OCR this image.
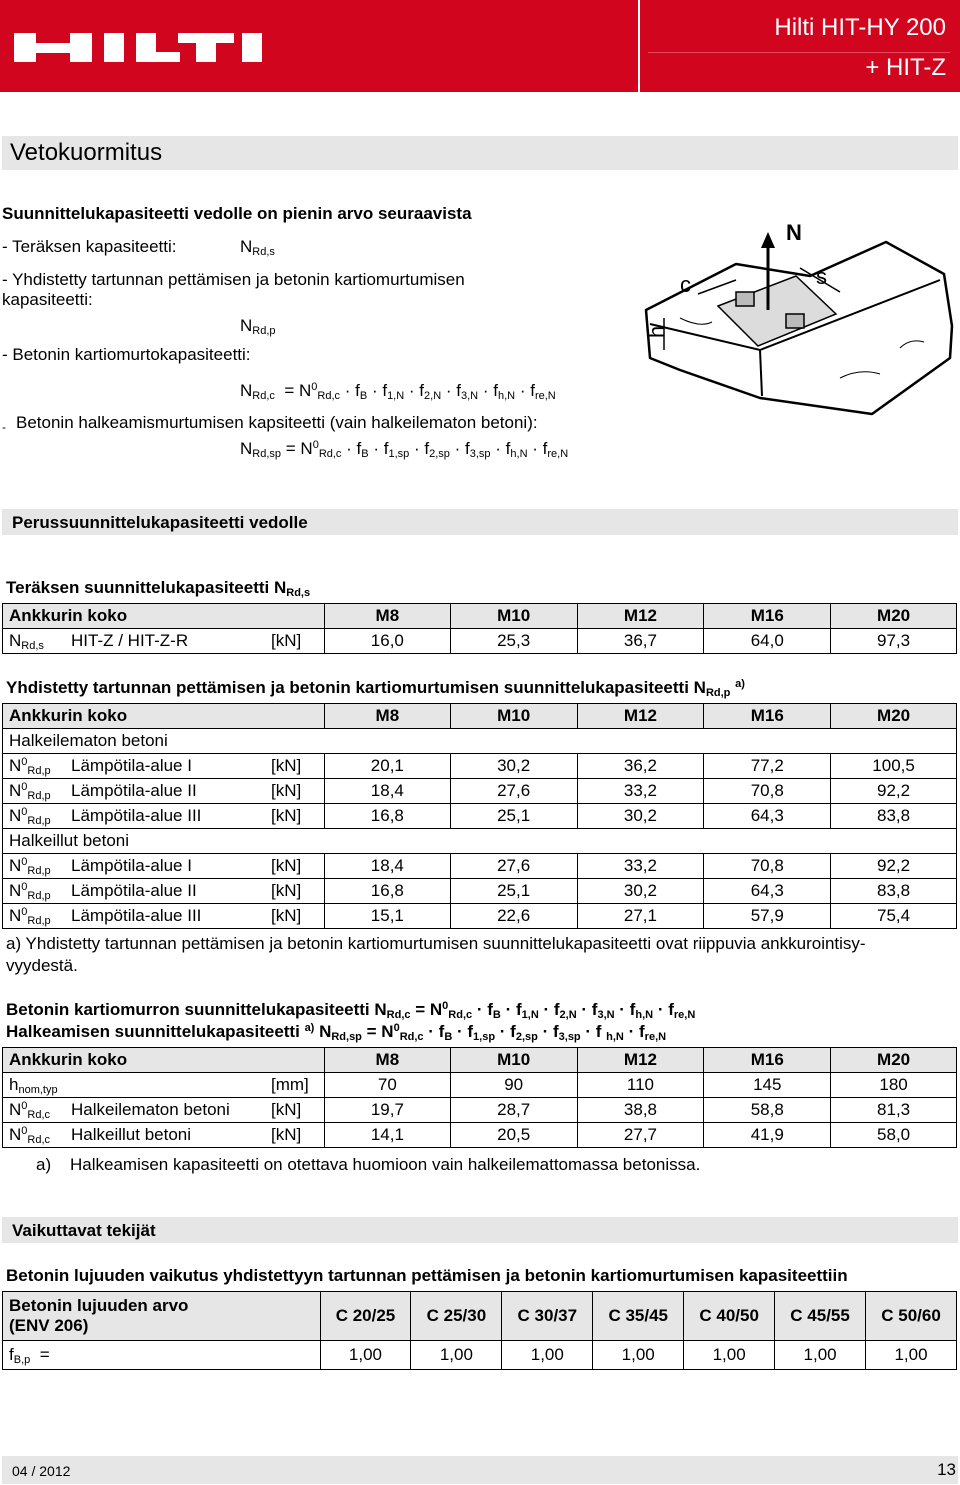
Hilti HIT-HY 200
+ HIT-Z
Vetokuormitus
Suunnittelukapasiteetti vedolle on pienin arvo seuraavista
- Teräksen kapasiteetti:	$N_{Rd,s}$
- Yhdistetty tartunnan pettämisen ja betonin kartiomurtumisen
kapasiteetti:
$N_{Rd,p}$
- Betonin kartiomurtokapasiteetti:
$N_{Rd,c} = N^0_{Rd,c} \cdot f_B \cdot f_{1,N} \cdot f_{2,N} \cdot f_{3,N} \cdot f_{h,N} \cdot f_{re,N}$
- Betonin halkeamismurtumisen kapsiteetti (vain halkeilematon betoni):
$N_{Rd,sp} = N^0_{Rd,c} \cdot f_B \cdot f_{1,sp} \cdot f_{2,sp} \cdot f_{3,sp} \cdot f_{h,N} \cdot f_{re,N}$
N
s
c
h
Perussuunnittelukapasiteetti vedolle
Teräksen suunnittelukapasiteetti $N_{Rd,s}$
Ankkurin koko	M8	M10	M12	M16	M20
$N_{Rd,s}$ HIT-Z / HIT-Z-R [kN]	16,0	25,3	36,7	64,0	97,3
Yhdistetty tartunnan pettämisen ja betonin kartiomurtumisen suunnittelukapasiteetti $N_{Rd,p}$ $^{a)}$
Ankkurin koko	M8	M10	M12	M16	M20
Halkeilematon betoni					
$N^0_{Rd,p}$ Lämpötila-alue I [kN]	20,1	30,2	36,2	77,2	100,5
$N^0_{Rd,p}$ Lämpötila-alue II [kN]	18,4	27,6	33,2	70,8	92,2
$N^0_{Rd,p}$ Lämpötila-alue III [kN]	16,8	25,1	30,2	64,3	83,8
Halkeillut betoni					
$N^0_{Rd,p}$ Lämpötila-alue I [kN]	18,4	27,6	33,2	70,8	92,2
$N^0_{Rd,p}$ Lämpötila-alue II [kN]	16,8	25,1	30,2	64,3	83,8
$N^0_{Rd,p}$ Lämpötila-alue III [kN]	15,1	22,6	27,1	57,9	75,4
a) Yhdistetty tartunnan pettämisen ja betonin kartiomurtumisen suunnittelukapasiteetti ovat riippuvia ankkurointisy-
vyydestä.
Betonin kartiomurron suunnittelukapasiteetti $N_{Rd,c} = N^0_{Rd,c} \cdot f_B \cdot f_{1,N} \cdot f_{2,N} \cdot f_{3,N} \cdot f_{h,N} \cdot f_{re,N}$
Halkeamisen suunnittelukapasiteetti $^{a)}$ $N_{Rd,sp} = N^0_{Rd,c} \cdot f_B \cdot f_{1,sp} \cdot f_{2,sp} \cdot f_{3,sp} \cdot f$ $_{h,N} \cdot f_{re,N}$
Ankkurin koko	M8	M10	M12	M16	M20
$h_{nom,typ}$ [mm]	70	90	110	145	180
$N^0_{Rd,c}$ Halkeilematon betoni [kN]	19,7	28,7	38,8	58,8	81,3
$N^0_{Rd,c}$ Halkeillut betoni [kN]	14,1	20,5	27,7	41,9	58,0
a) Halkeamisen kapasiteetti on otettava huomioon vain halkeilemattomassa betonissa.
Vaikuttavat tekijät
Betonin lujuuden vaikutus yhdistettyyn tartunnan pettämisen ja betonin kartiomurtumisen kapasiteettiin
Betonin lujuuden arvo
(ENV 206)	C 20/25	C 25/30	C 30/37	C 35/45	C 40/50	C 45/55	C 50/60
$f_{B,p}$  =	1,00	1,00	1,00	1,00	1,00	1,00	1,00
04 / 2012	13
